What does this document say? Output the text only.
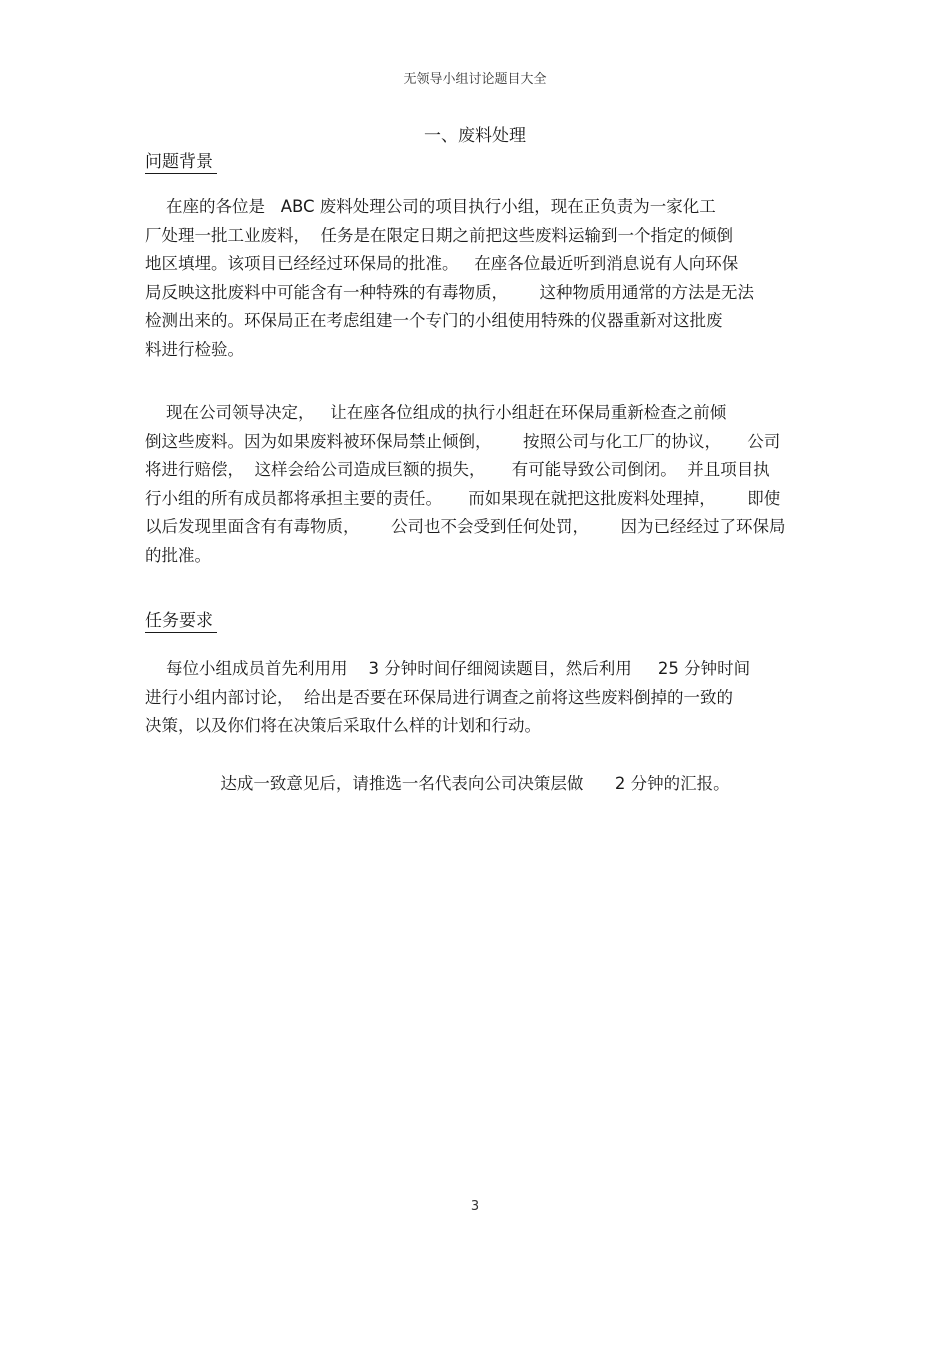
无领导小组讨论题目大全
一、废料处理
问题背景
在座的各位是   ABC 废料处理公司的项目执行小组，现在正负责为一家化工
厂处理一批工业废料，  任务是在限定日期之前把这些废料运输到一个指定的倾倒
地区填埋。该项目已经经过环保局的批准。   在座各位最近听到消息说有人向环保
局反映这批废料中可能含有一种特殊的有毒物质，      这种物质用通常的方法是无法
检测出来的。环保局正在考虑组建一个专门的小组使用特殊的仪器重新对这批废
料进行检验。
现在公司领导决定，   让在座各位组成的执行小组赶在环保局重新检查之前倾
倒这些废料。因为如果废料被环保局禁止倾倒，      按照公司与化工厂的协议，     公司
将进行赔偿，  这样会给公司造成巨额的损失，     有可能导致公司倒闭。  并且项目执
行小组的所有成员都将承担主要的责任。     而如果现在就把这批废料处理掉，      即使
以后发现里面含有有毒物质，      公司也不会受到任何处罚，      因为已经经过了环保局
的批准。
任务要求
每位小组成员首先利用用    3 分钟时间仔细阅读题目，然后利用     25 分钟时间
进行小组内部讨论，  给出是否要在环保局进行调查之前将这些废料倒掉的一致的
决策，以及你们将在决策后采取什么样的计划和行动。
达成一致意见后，请推选一名代表向公司决策层做      2 分钟的汇报。
3
